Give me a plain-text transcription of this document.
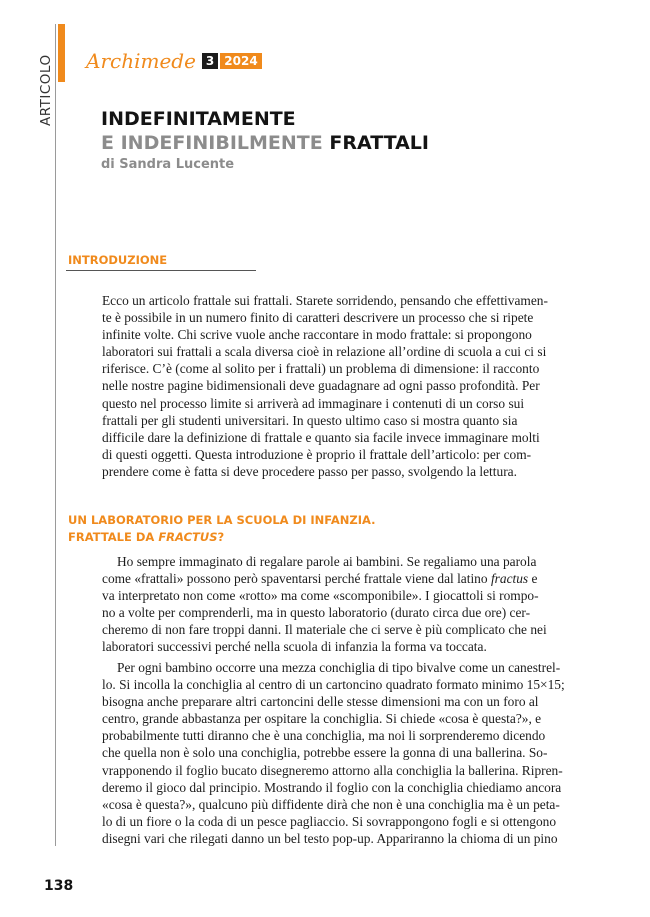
ARTICOLO Archimede 3 2024
INDEFINITAMENTE
E INDEFINIBILMENTE FRATTALI
di Sandra Lucente
INTRODUZIONE

Ecco un articolo frattale sui frattali. Starete sorridendo, pensando che effettivamen-
te è possibile in un numero finito di caratteri descrivere un processo che si ripete
infinite volte. Chi scrive vuole anche raccontare in modo frattale: si propongono
laboratori sui frattali a scala diversa cioè in relazione all’ordine di scuola a cui ci si
riferisce. C’è (come al solito per i frattali) un problema di dimensione: il racconto
nelle nostre pagine bidimensionali deve guadagnare ad ogni passo profondità. Per
questo nel processo limite si arriverà ad immaginare i contenuti di un corso sui
frattali per gli studenti universitari. In questo ultimo caso si mostra quanto sia
difficile dare la definizione di frattale e quanto sia facile invece immaginare molti
di questi oggetti. Questa introduzione è proprio il frattale dell’articolo: per com-
prendere come è fatta si deve procedere passo per passo, svolgendo la lettura.

UN LABORATORIO PER LA SCUOLA DI INFANZIA.
FRATTALE DA FRACTUS?

Ho sempre immaginato di regalare parole ai bambini. Se regaliamo una parola
come «frattali» possono però spaventarsi perché frattale viene dal latino fractus e
va interpretato non come «rotto» ma come «scomponibile». I giocattoli si rompo-
no a volte per comprenderli, ma in questo laboratorio (durato circa due ore) cer-
cheremo di non fare troppi danni. Il materiale che ci serve è più complicato che nei
laboratori successivi perché nella scuola di infanzia la forma va toccata.

Per ogni bambino occorre una mezza conchiglia di tipo bivalve come un canestrel-
lo. Si incolla la conchiglia al centro di un cartoncino quadrato formato minimo 15×15;
bisogna anche preparare altri cartoncini delle stesse dimensioni ma con un foro al
centro, grande abbastanza per ospitare la conchiglia. Si chiede «cosa è questa?», e
probabilmente tutti diranno che è una conchiglia, ma noi li sorprenderemo dicendo
che quella non è solo una conchiglia, potrebbe essere la gonna di una ballerina. So-
vrapponendo il foglio bucato disegneremo attorno alla conchiglia la ballerina. Ripren-
deremo il gioco dal principio. Mostrando il foglio con la conchiglia chiediamo ancora
«cosa è questa?», qualcuno più diffidente dirà che non è una conchiglia ma è un peta-
lo di un fiore o la coda di un pesce pagliaccio. Si sovrappongono fogli e si ottengono
disegni vari che rilegati danno un bel testo pop-up. Appariranno la chioma di un pino

138
